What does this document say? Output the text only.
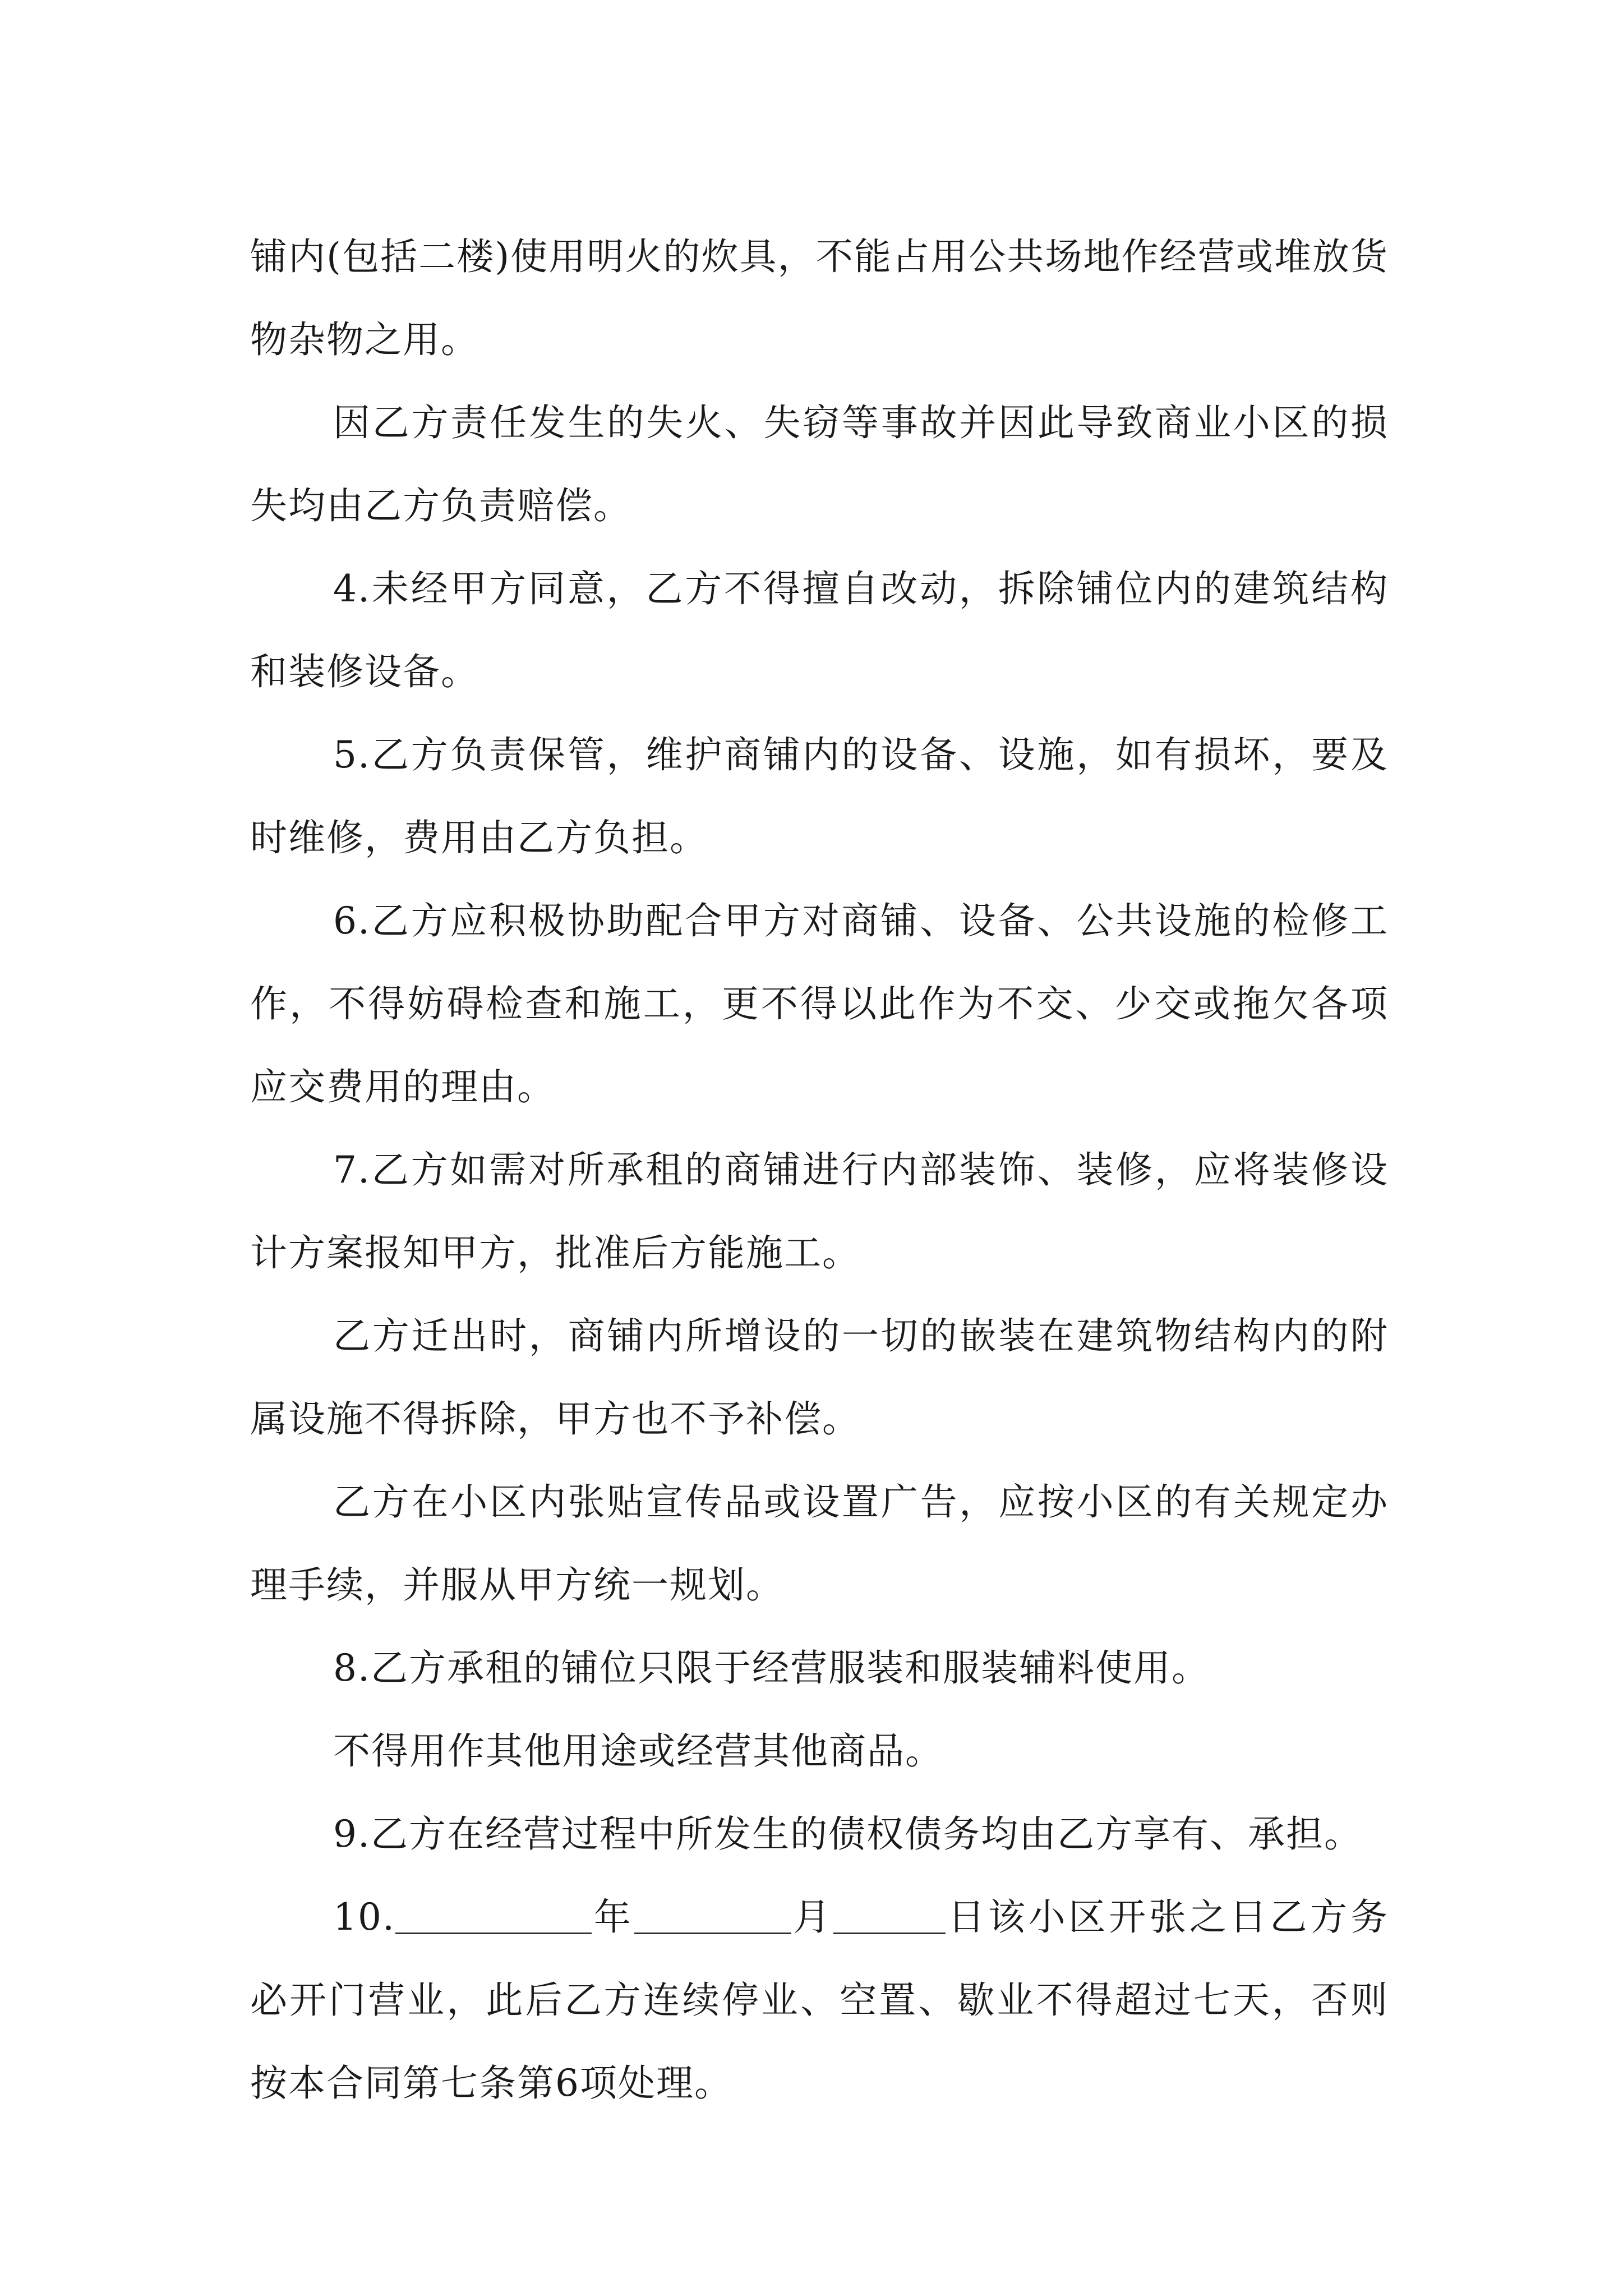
铺内(包括二楼)使用明火的炊具，不能占用公共场地作经营或堆放货物杂物之用。

因乙方责任发生的失火、失窃等事故并因此导致商业小区的损失均由乙方负责赔偿。

4.未经甲方同意，乙方不得擅自改动，拆除铺位内的建筑结构和装修设备。

5.乙方负责保管，维护商铺内的设备、设施，如有损坏，要及时维修，费用由乙方负担。

6.乙方应积极协助配合甲方对商铺、设备、公共设施的检修工作，不得妨碍检查和施工，更不得以此作为不交、少交或拖欠各项应交费用的理由。

7.乙方如需对所承租的商铺进行内部装饰、装修，应将装修设计方案报知甲方，批准后方能施工。

乙方迁出时，商铺内所增设的一切的嵌装在建筑物结构内的附属设施不得拆除，甲方也不予补偿。

乙方在小区内张贴宣传品或设置广告，应按小区的有关规定办理手续，并服从甲方统一规划。

8.乙方承租的铺位只限于经营服装和服装辅料使用。

不得用作其他用途或经营其他商品。

9.乙方在经营过程中所发生的债权债务均由乙方享有、承担。

10.	年	月	日该小区开张之日乙方务必开门营业，此后乙方连续停业、空置、歇业不得超过七天，否则按本合同第七条第6项处理。
